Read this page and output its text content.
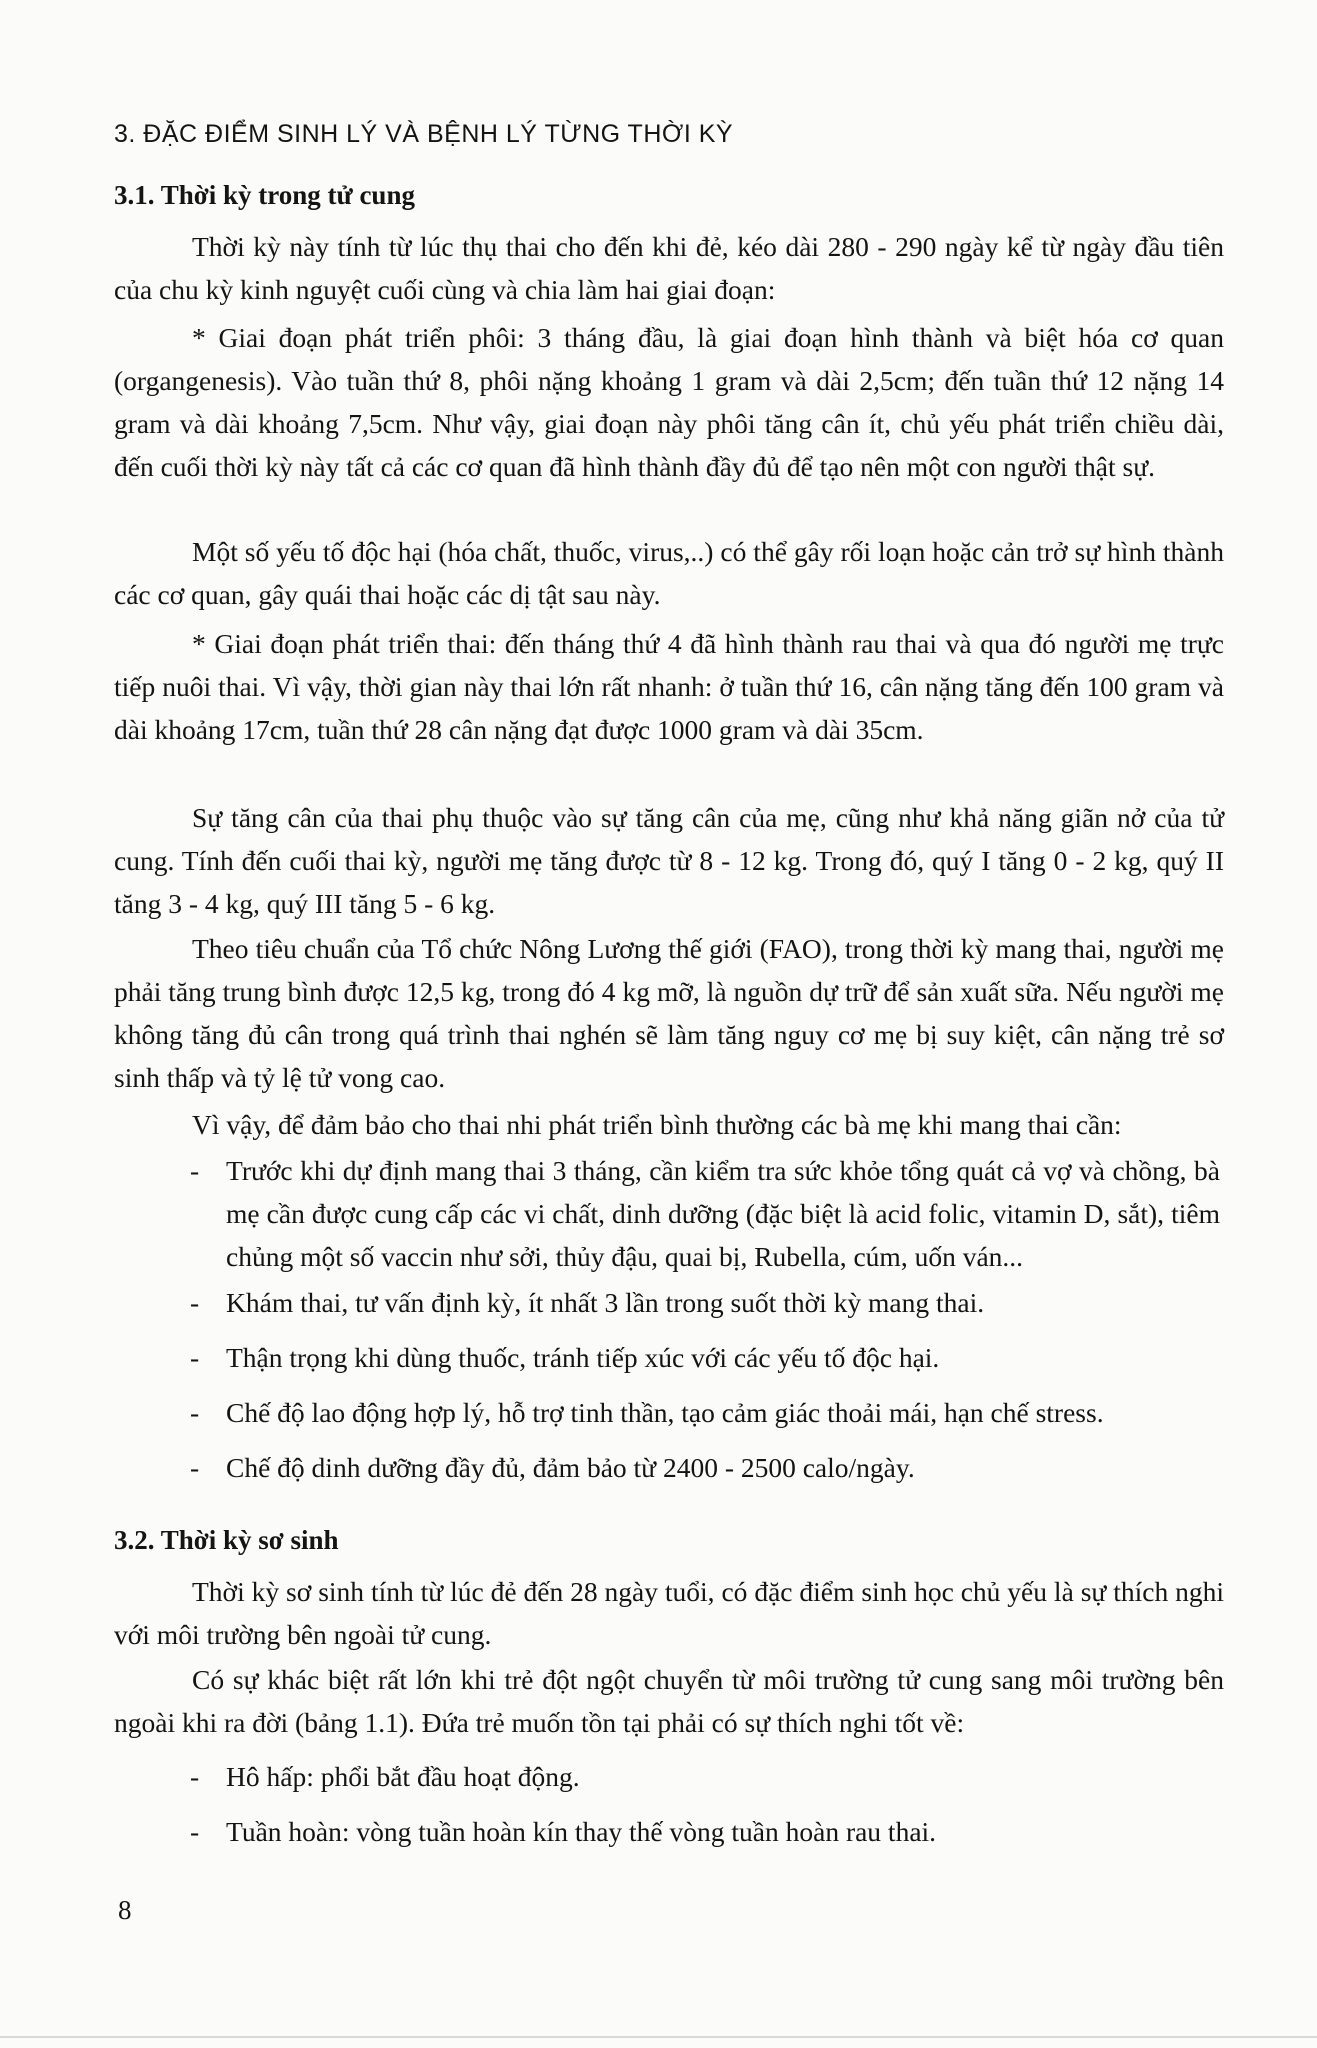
3. ĐẶC ĐIỂM SINH LÝ VÀ BỆNH LÝ TỪNG THỜI KỲ
3.1. Thời kỳ trong tử cung

Thời kỳ này tính từ lúc thụ thai cho đến khi đẻ, kéo dài 280 - 290 ngày kể từ ngày đầu tiên của chu kỳ kinh nguyệt cuối cùng và chia làm hai giai đoạn:

* Giai đoạn phát triển phôi: 3 tháng đầu, là giai đoạn hình thành và biệt hóa cơ quan (organgenesis). Vào tuần thứ 8, phôi nặng khoảng 1 gram và dài 2,5cm; đến tuần thứ 12 nặng 14 gram và dài khoảng 7,5cm. Như vậy, giai đoạn này phôi tăng cân ít, chủ yếu phát triển chiều dài, đến cuối thời kỳ này tất cả các cơ quan đã hình thành đầy đủ để tạo nên một con người thật sự.

Một số yếu tố độc hại (hóa chất, thuốc, virus,..) có thể gây rối loạn hoặc cản trở sự hình thành các cơ quan, gây quái thai hoặc các dị tật sau này.

* Giai đoạn phát triển thai: đến tháng thứ 4 đã hình thành rau thai và qua đó người mẹ trực tiếp nuôi thai. Vì vậy, thời gian này thai lớn rất nhanh: ở tuần thứ 16, cân nặng tăng đến 100 gram và dài khoảng 17cm, tuần thứ 28 cân nặng đạt được 1000 gram và dài 35cm.

Sự tăng cân của thai phụ thuộc vào sự tăng cân của mẹ, cũng như khả năng giãn nở của tử cung. Tính đến cuối thai kỳ, người mẹ tăng được từ 8 - 12 kg. Trong đó, quý I tăng 0 - 2 kg, quý II tăng 3 - 4 kg, quý III tăng 5 - 6 kg.

Theo tiêu chuẩn của Tổ chức Nông Lương thế giới (FAO), trong thời kỳ mang thai, người mẹ phải tăng trung bình được 12,5 kg, trong đó 4 kg mỡ, là nguồn dự trữ để sản xuất sữa. Nếu người mẹ không tăng đủ cân trong quá trình thai nghén sẽ làm tăng nguy cơ mẹ bị suy kiệt, cân nặng trẻ sơ sinh thấp và tỷ lệ tử vong cao.

Vì vậy, để đảm bảo cho thai nhi phát triển bình thường các bà mẹ khi mang thai cần:

- Trước khi dự định mang thai 3 tháng, cần kiểm tra sức khỏe tổng quát cả vợ và chồng, bà mẹ cần được cung cấp các vi chất, dinh dưỡng (đặc biệt là acid folic, vitamin D, sắt), tiêm chủng một số vaccin như sởi, thủy đậu, quai bị, Rubella, cúm, uốn ván...
- Khám thai, tư vấn định kỳ, ít nhất 3 lần trong suốt thời kỳ mang thai.
- Thận trọng khi dùng thuốc, tránh tiếp xúc với các yếu tố độc hại.
- Chế độ lao động hợp lý, hỗ trợ tinh thần, tạo cảm giác thoải mái, hạn chế stress.
- Chế độ dinh dưỡng đầy đủ, đảm bảo từ 2400 - 2500 calo/ngày.
3.2. Thời kỳ sơ sinh

Thời kỳ sơ sinh tính từ lúc đẻ đến 28 ngày tuổi, có đặc điểm sinh học chủ yếu là sự thích nghi với môi trường bên ngoài tử cung.

Có sự khác biệt rất lớn khi trẻ đột ngột chuyển từ môi trường tử cung sang môi trường bên ngoài khi ra đời (bảng 1.1). Đứa trẻ muốn tồn tại phải có sự thích nghi tốt về:

- Hô hấp: phổi bắt đầu hoạt động.
- Tuần hoàn: vòng tuần hoàn kín thay thế vòng tuần hoàn rau thai.
8
